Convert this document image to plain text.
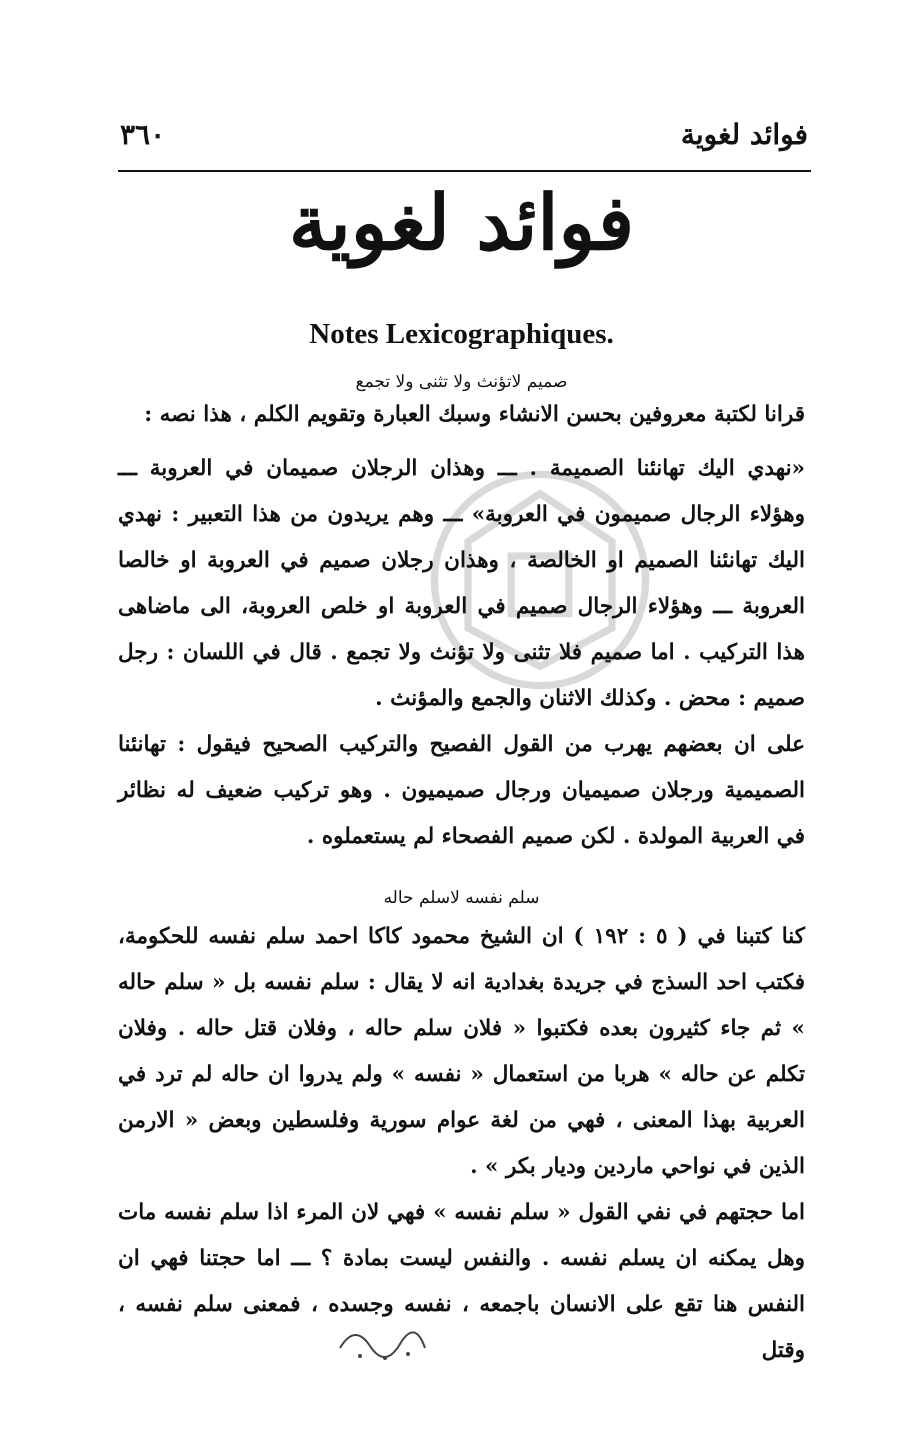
٣٦٠	فوائد لغوية
فوائد لغوية
Notes Lexicographiques.
صميم لاتؤنث ولا تثنى ولا تجمع

قرانا لكتبة معروفين بحسن الانشاء وسبك العبارة وتقويم الكلم ، هذا نصه :

«نهدي اليك تهانئنا الصميمة . ـــ وهذان الرجلان صميمان في العروبة ـــ وهؤلاء الرجال صميمون في العروبة» ـــ وهم يريدون من هذا التعبير : نهدي اليك تهانئنا الصميم او الخالصة ، وهذان رجلان صميم في العروبة او خالصا العروبة ـــ وهؤلاء الرجال صميم في العروبة او خلص العروبة، الى ماضاهى هذا التركيب . اما صميم فلا تثنى ولا تؤنث ولا تجمع . قال في اللسان : رجل صميم : محض . وكذلك الاثنان والجمع والمؤنث .

على ان بعضهم يهرب من القول الفصيح والتركيب الصحيح فيقول : تهانئنا الصميمية ورجلان صميميان ورجال صميميون . وهو تركيب ضعيف له نظائر في العربية المولدة . لكن صميم الفصحاء لم يستعملوه .

سلم نفسه لاسلم حاله

كنا كتبنا في ( ٥ : ١٩٢ ) ان الشيخ محمود كاكا احمد سلم نفسه للحكومة، فكتب احد السذج في جريدة بغدادية انه لا يقال : سلم نفسه بل « سلم حاله » ثم جاء كثيرون بعده فكتبوا « فلان سلم حاله ، وفلان قتل حاله . وفلان تكلم عن حاله » هربا من استعمال « نفسه » ولم يدروا ان حاله لم ترد في العربية بهذا المعنى ، فهي من لغة عوام سورية وفلسطين وبعض « الارمن الذين في نواحي ماردين وديار بكر » .

اما حجتهم في نفي القول « سلم نفسه » فهي لان المرء اذا سلم نفسه مات وهل يمكنه ان يسلم نفسه . والنفس ليست بمادة ؟ ـــ اما حجتنا فهي ان النفس هنا تقع على الانسان باجمعه ، نفسه وجسده ، فمعنى سلم نفسه ، وقتل
